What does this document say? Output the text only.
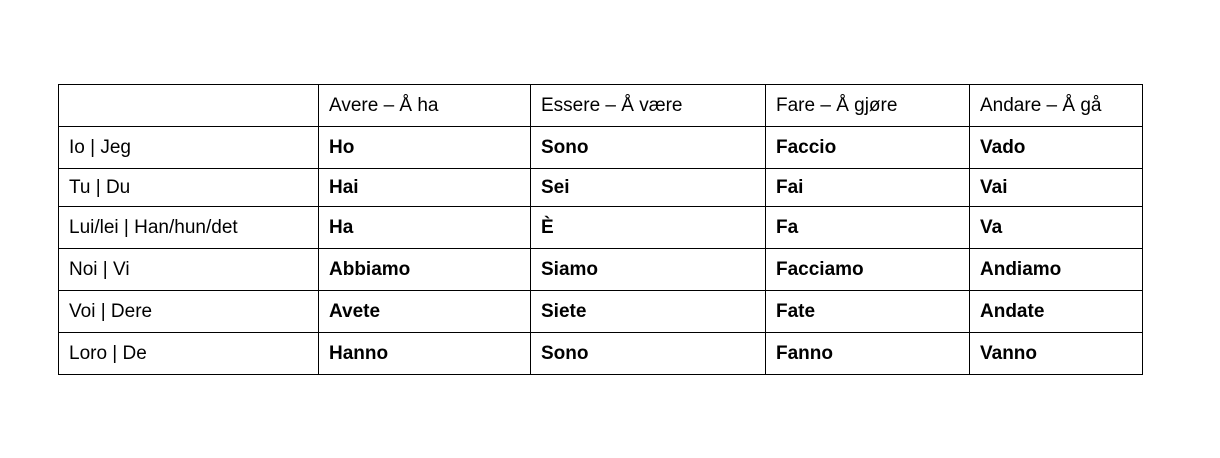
	Avere – Å ha	Essere – Å være	Fare – Å gjøre	Andare – Å gå
Io | Jeg	Ho	Sono	Faccio	Vado
Tu | Du	Hai	Sei	Fai	Vai
Lui/lei | Han/hun/det	Ha	È	Fa	Va
Noi | Vi	Abbiamo	Siamo	Facciamo	Andiamo
Voi | Dere	Avete	Siete	Fate	Andate
Loro | De	Hanno	Sono	Fanno	Vanno
